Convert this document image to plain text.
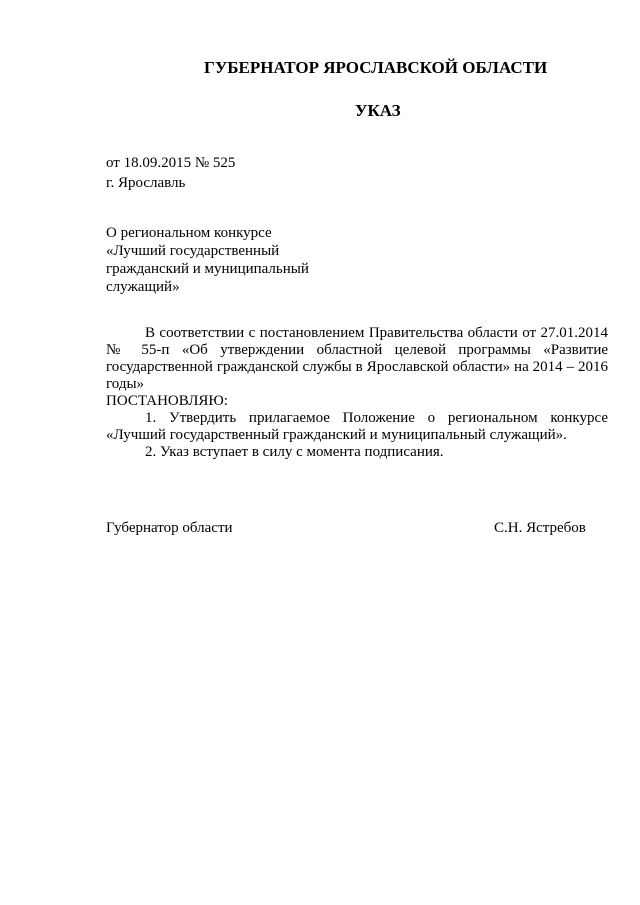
ГУБЕРНАТОР ЯРОСЛАВСКОЙ ОБЛАСТИ
УКАЗ
от 18.09.2015 № 525
г. Ярославль
О региональном конкурсе
«Лучший государственный
гражданский и муниципальный
служащий»

В соответствии с постановлением Правительства области от 27.01.2014 № 55-п «Об утверждении областной целевой программы «Развитие государственной гражданской службы в Ярославской области» на 2014 – 2016 годы»

ПОСТАНОВЛЯЮ:

1. Утвердить прилагаемое Положение о региональном конкурсе «Лучший государственный гражданский и муниципальный служащий».

2. Указ вступает в силу с момента подписания.

Губернатор области	С.Н. Ястребов
